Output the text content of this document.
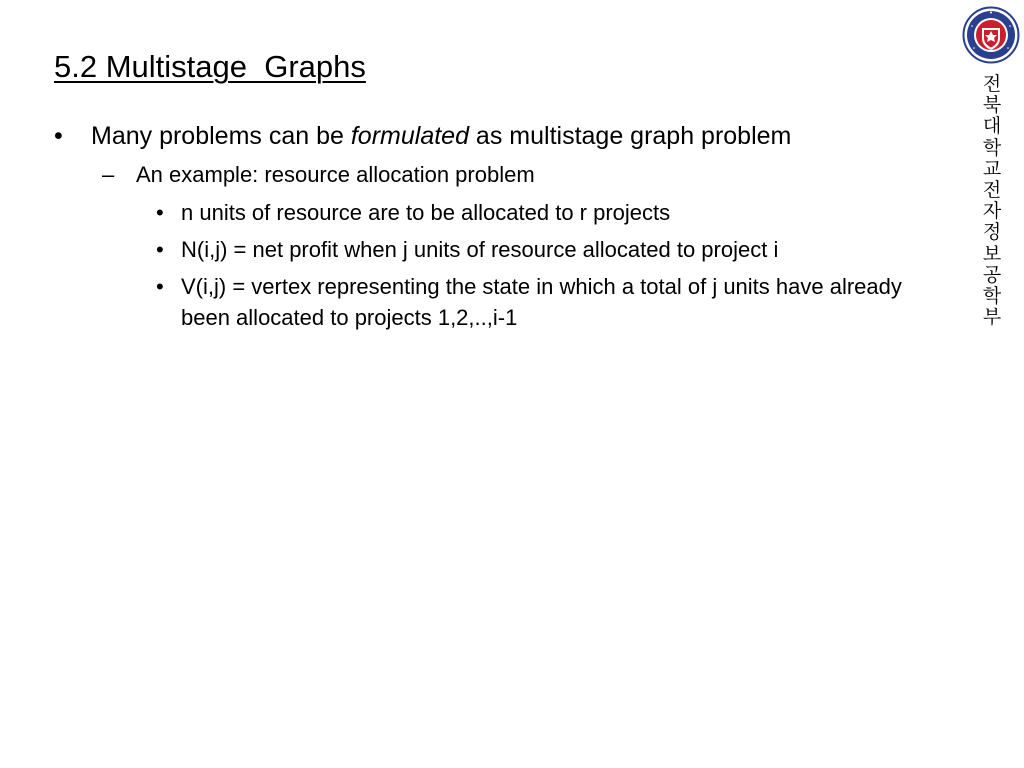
5.2 Multistage  Graphs
•	Many problems can be formulated as multistage graph problem
– An example: resource allocation problem
• n units of resource are to be allocated to r projects
• N(i,j) = net profit when j units of resource allocated to project i
• V(i,j) = vertex representing the state in which a total of j units have already been allocated to projects 1,2,..,i-1
전북대학교 전자정보공학부
